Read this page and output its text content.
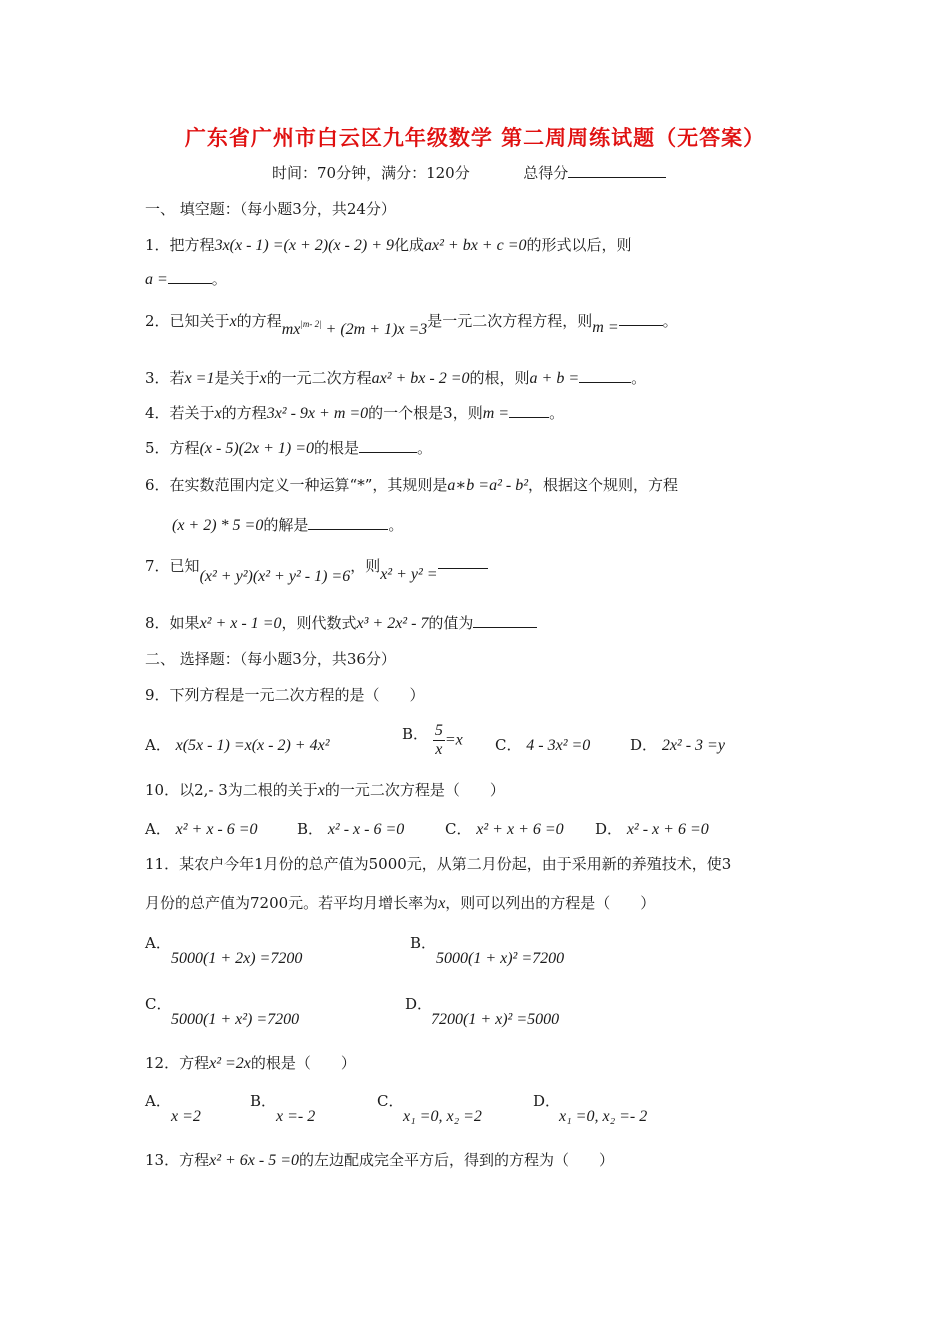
广东省广州市白云区九年级数学 第二周周练试题（无答案）
时间：70分钟，满分：120分	总得分
一、 填空题：（每小题3分，共24分）
1．把方程3x(x - 1) =(x + 2)(x - 2) + 9化成ax² + bx + c =0的形式以后，则
a =	。
2．已知关于x的方程$mx^{|m- 2|} + (2m + 1)x =3$是一元二次方程方程，则m =	。
3．若x =1是关于x的一元二次方程ax² + bx - 2 =0的根，则a + b =	。
4．若关于x的方程3x² - 9x + m =0的一个根是3，则m =	。
5．方程(x - 5)(2x + 1) =0的根是	。
6．在实数范围内定义一种运算“*”，其规则是a∗b =a² - b²，根据这个规则，方程
(x + 2) * 5 =0的解是	。
7．已知(x² + y²)(x² + y² - 1) =6，则x² + y² =
8．如果x² + x - 1 =0，则代数式x³ + 2x² - 7的值为
二、 选择题：（每小题3分，共36分）
9．下列方程是一元二次方程的是（　　）
A． x(5x - 1) =x(x - 2) + 4x²
B． $\frac{5}{x} =x$ C． 4 - 3x² =0	D． 2x² - 3 =y
10．以2,- 3为二根的关于x的一元二次方程是（　　）
A． x² + x - 6 =0	B． x² - x - 6 =0	C． x² + x + 6 =0 D． x² - x + 6 =0
11．某农户今年1月份的总产值为5000元，从第二月份起，由于采用新的养殖技术，使3
月份的总产值为7200元。若平均月增长率为x，则可以列出的方程是（　　）
A．
5000(1 + 2x) =7200
B．
5000(1 + x)² =7200
C．
5000(1 + x²) =7200
D．
7200(1 + x)² =5000
12．方程x² =2x的根是（　　）
A．
x =2
B．
x =- 2
C．
x₁ =0, x₂ =2
D．
x₁ =0, x₂ =- 2
13．方程x² + 6x - 5 =0的左边配成完全平方后，得到的方程为（　　）
